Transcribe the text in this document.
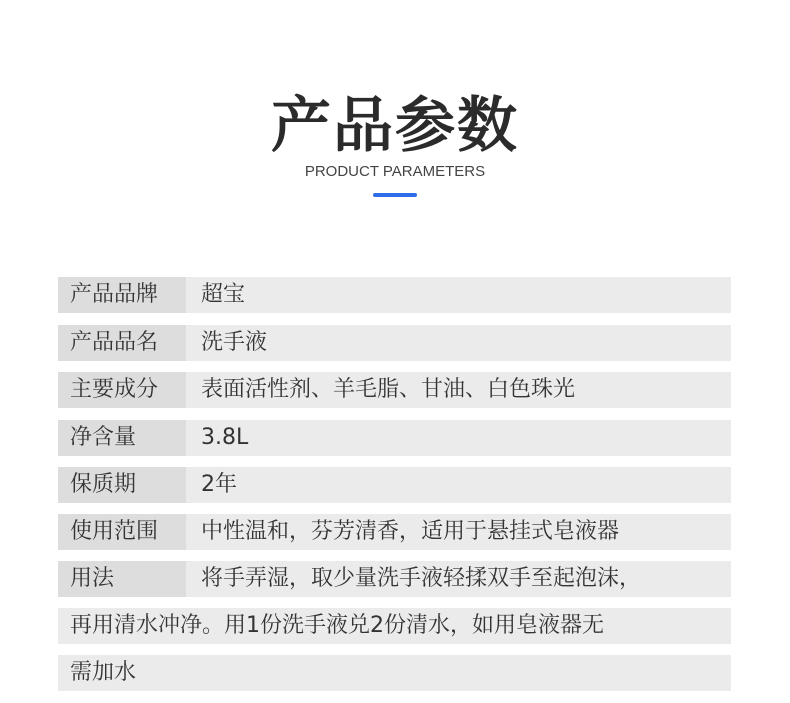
产品参数
PRODUCT PARAMETERS
产品品牌	超宝
产品品名	洗手液
主要成分	表面活性剂、羊毛脂、甘油、白色珠光
净含量	3.8L
保质期	2年
使用范围	中性温和，芬芳清香，适用于悬挂式皂液器
用法	将手弄湿，取少量洗手液轻揉双手至起泡沫，
再用清水冲净。用1份洗手液兑2份清水，如用皂液器无
需加水
